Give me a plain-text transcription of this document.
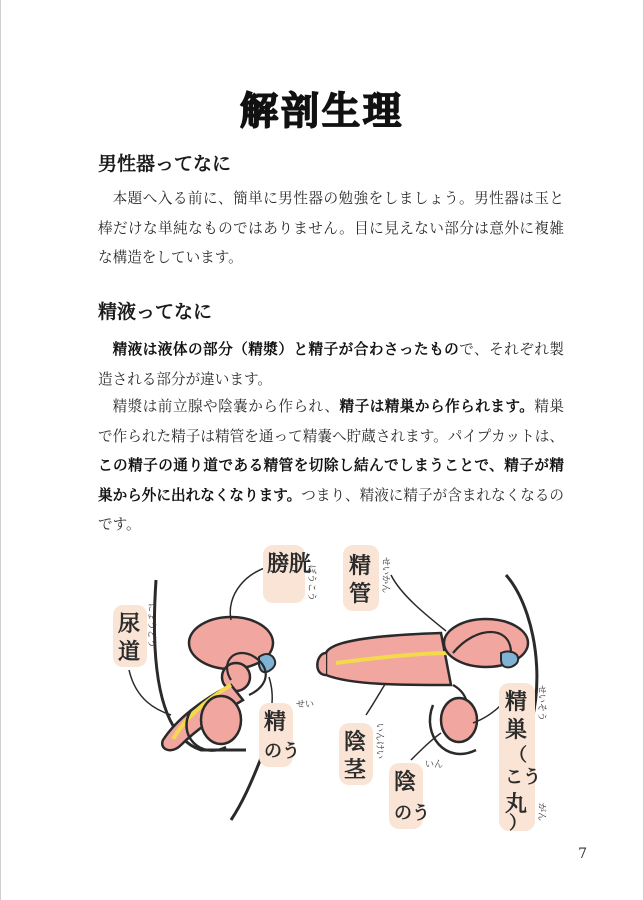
解剖生理
男性器ってなに
本題へ入る前に、簡単に男性器の勉強をしましょう。男性器は玉と棒だけな単純なものではありません。目に見えない部分は意外に複雑な構造をしています。
精液ってなに
精液は液体の部分（精漿）と精子が合わさったもので、それぞれ製造される部分が違います。
精漿は前立腺や陰嚢から作られ、精子は精巣から作られます。精巣で作られた精子は精管を通って精嚢へ貯蔵されます。パイプカットは、この精子の通り道である精管を切除し結んでしまうことで、精子が精巣から外に出れなくなります。つまり、精液に精子が含まれなくなるのです。
膀胱
ぼうこう
尿
道
にょうどう
精
のう
せい
精
管
せいかん
陰
茎
いんけい
陰
のう
いん
精
巣
（
こう
丸
）
せいそう
がん
7
